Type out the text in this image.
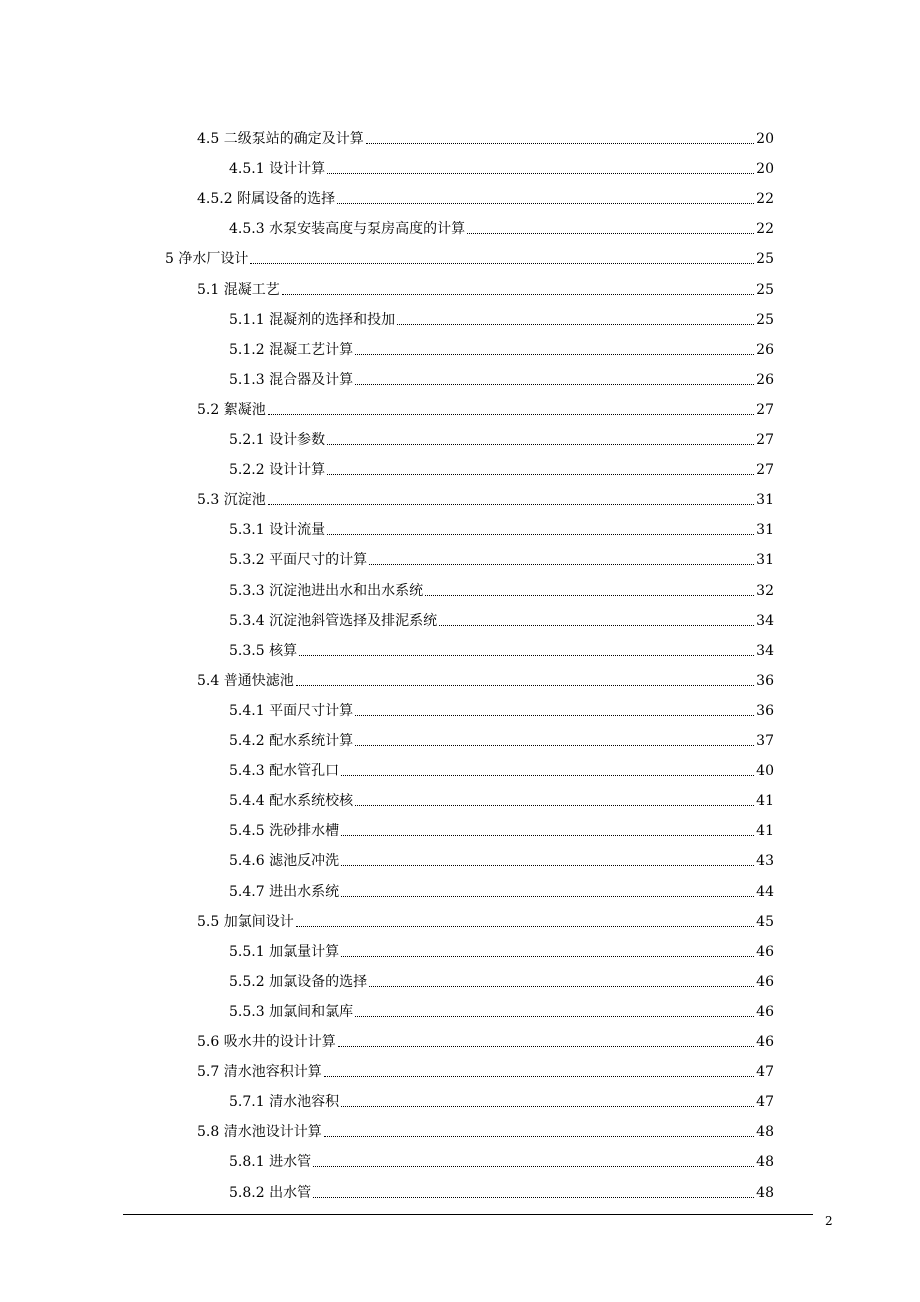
4.5 二级泵站的确定及计算	20
4.5.1 设计计算	20
4.5.2 附属设备的选择	22
4.5.3 水泵安装高度与泵房高度的计算	22
5 净水厂设计	25
5.1 混凝工艺	25
5.1.1 混凝剂的选择和投加	25
5.1.2 混凝工艺计算	26
5.1.3 混合器及计算	26
5.2 絮凝池	27
5.2.1 设计参数	27
5.2.2 设计计算	27
5.3 沉淀池	31
5.3.1 设计流量	31
5.3.2 平面尺寸的计算	31
5.3.3 沉淀池进出水和出水系统	32
5.3.4 沉淀池斜管选择及排泥系统	34
5.3.5 核算	34
5.4 普通快滤池	36
5.4.1 平面尺寸计算	36
5.4.2 配水系统计算	37
5.4.3 配水管孔口	40
5.4.4 配水系统校核	41
5.4.5 洗砂排水槽	41
5.4.6 滤池反冲洗	43
5.4.7 进出水系统	44
5.5 加氯间设计	45
5.5.1 加氯量计算	46
5.5.2 加氯设备的选择	46
5.5.3 加氯间和氯库	46
5.6 吸水井的设计计算	46
5.7 清水池容积计算	47
5.7.1 清水池容积	47
5.8 清水池设计计算	48
5.8.1 进水管	48
5.8.2 出水管	48
2
